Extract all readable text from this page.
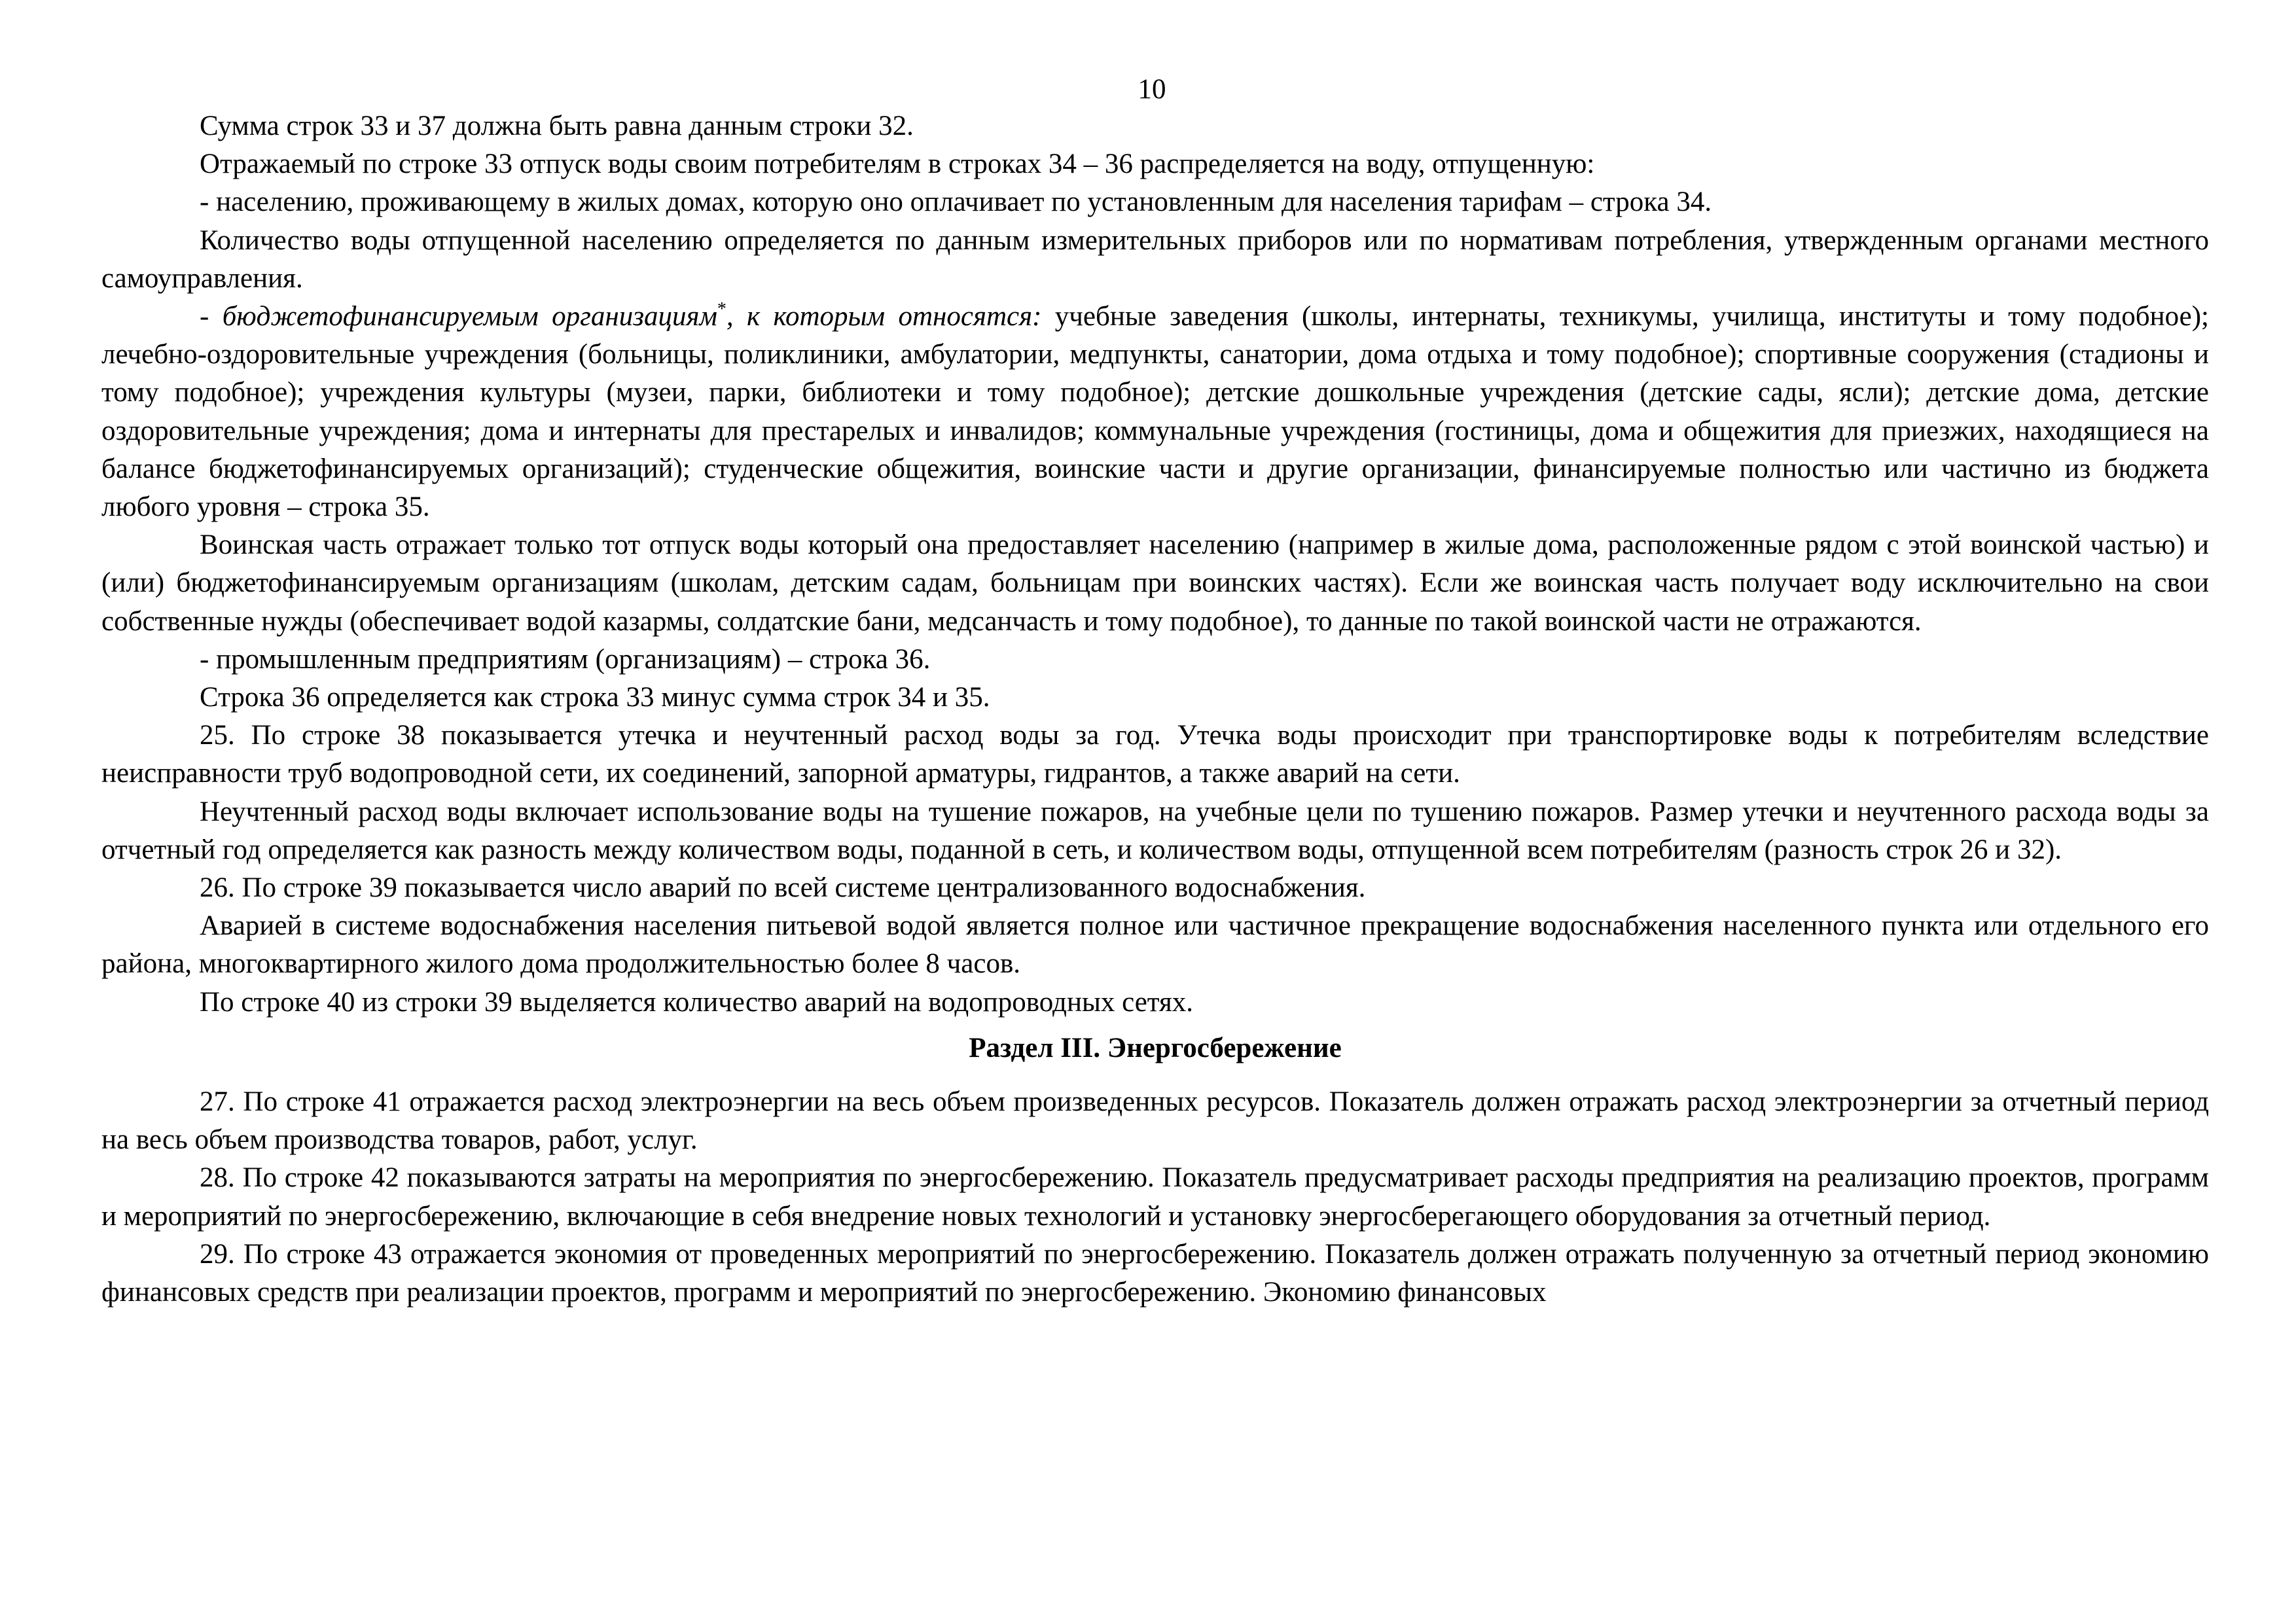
10

Сумма строк 33 и 37 должна быть равна данным строки 32.

Отражаемый по строке 33 отпуск воды своим потребителям в строках 34 – 36 распределяется на воду, отпущенную:

- населению, проживающему в жилых домах, которую оно оплачивает по установленным для населения тарифам – строка 34.

Количество воды отпущенной населению определяется по данным измерительных приборов или по нормативам потребления, утвержденным органами местного самоуправления.

- бюджетофинансируемым организациям*, к которым относятся: учебные заведения (школы, интернаты, техникумы, училища, институты и тому подобное); лечебно-оздоровительные учреждения (больницы, поликлиники, амбулатории, медпункты, санатории, дома отдыха и тому подобное); спортивные сооружения (стадионы и тому подобное); учреждения культуры (музеи, парки, библиотеки и тому подобное); детские дошкольные учреждения (детские сады, ясли); детские дома, детские оздоровительные учреждения; дома и интернаты для престарелых и инвалидов; коммунальные учреждения (гостиницы, дома и общежития для приезжих, находящиеся на балансе бюджетофинансируемых организаций); студенческие общежития, воинские части и другие организации, финансируемые полностью или частично из бюджета любого уровня – строка 35.

Воинская часть отражает только тот отпуск воды который она предоставляет населению (например в жилые дома, расположенные рядом с этой воинской частью) и (или) бюджетофинансируемым организациям (школам, детским садам, больницам при воинских частях). Если же воинская часть получает воду исключительно на свои собственные нужды (обеспечивает водой казармы, солдатские бани, медсанчасть и тому подобное), то данные по такой воинской части не отражаются.

- промышленным предприятиям (организациям) – строка 36.

Строка 36 определяется как строка 33 минус сумма строк 34 и 35.

25. По строке 38 показывается утечка и неучтенный расход воды за год. Утечка воды происходит при транспортировке воды к потребителям вследствие неисправности труб водопроводной сети, их соединений, запорной арматуры, гидрантов, а также аварий на сети.

Неучтенный расход воды включает использование воды на тушение пожаров, на учебные цели по тушению пожаров. Размер утечки и неучтенного расхода воды за отчетный год определяется как разность между количеством воды, поданной в сеть, и количеством воды, отпущенной всем потребителям (разность строк 26 и 32).

26. По строке 39 показывается число аварий по всей системе централизованного водоснабжения.

Аварией в системе водоснабжения населения питьевой водой является полное или частичное прекращение водоснабжения населенного пункта или отдельного его района, многоквартирного жилого дома продолжительностью более 8 часов.

По строке 40 из строки 39 выделяется количество аварий на водопроводных сетях.

Раздел III. Энергосбережение

27. По строке 41 отражается расход электроэнергии на весь объем произведенных ресурсов. Показатель должен отражать расход электроэнергии за отчетный период на весь объем производства товаров, работ, услуг.

28. По строке 42 показываются затраты на мероприятия по энергосбережению. Показатель предусматривает расходы предприятия на реализацию проектов, программ и мероприятий по энергосбережению, включающие в себя внедрение новых технологий и установку энергосберегающего оборудования за отчетный период.

29. По строке 43 отражается экономия от проведенных мероприятий по энергосбережению. Показатель должен отражать полученную за отчетный период экономию финансовых средств при реализации проектов, программ и мероприятий по энергосбережению. Экономию финансовых
